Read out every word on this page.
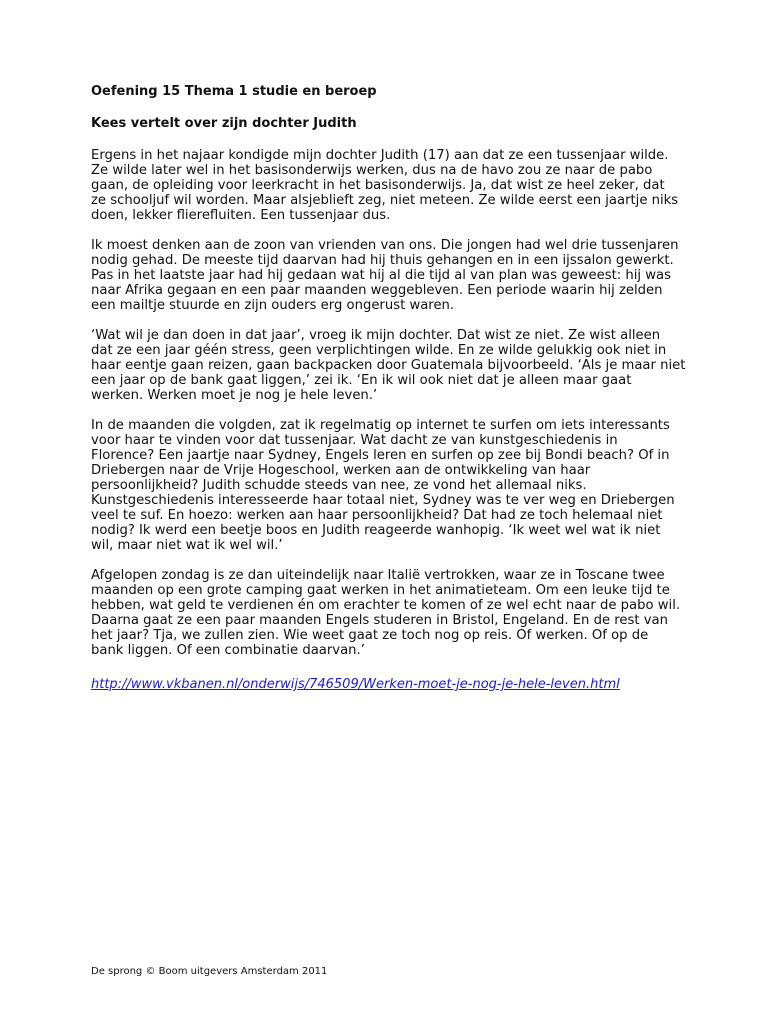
Oefening 15 Thema 1 studie en beroep

Kees vertelt over zijn dochter Judith

Ergens in het najaar kondigde mijn dochter Judith (17) aan dat ze een tussenjaar wilde.
Ze wilde later wel in het basisonderwijs werken, dus na de havo zou ze naar de pabo
gaan, de opleiding voor leerkracht in het basisonderwijs. Ja, dat wist ze heel zeker, dat
ze schooljuf wil worden. Maar alsjeblieft zeg, niet meteen. Ze wilde eerst een jaartje niks
doen, lekker flierefluiten. Een tussenjaar dus.

Ik moest denken aan de zoon van vrienden van ons. Die jongen had wel drie tussenjaren
nodig gehad. De meeste tijd daarvan had hij thuis gehangen en in een ijssalon gewerkt.
Pas in het laatste jaar had hij gedaan wat hij al die tijd al van plan was geweest: hij was
naar Afrika gegaan en een paar maanden weggebleven. Een periode waarin hij zelden
een mailtje stuurde en zijn ouders erg ongerust waren.

‘Wat wil je dan doen in dat jaar’, vroeg ik mijn dochter. Dat wist ze niet. Ze wist alleen
dat ze een jaar géén stress, geen verplichtingen wilde. En ze wilde gelukkig ook niet in
haar eentje gaan reizen, gaan backpacken door Guatemala bijvoorbeeld. ‘Als je maar niet
een jaar op de bank gaat liggen,’ zei ik. ‘En ik wil ook niet dat je alleen maar gaat
werken. Werken moet je nog je hele leven.’

In de maanden die volgden, zat ik regelmatig op internet te surfen om iets interessants
voor haar te vinden voor dat tussenjaar. Wat dacht ze van kunstgeschiedenis in
Florence? Een jaartje naar Sydney, Engels leren en surfen op zee bij Bondi beach? Of in
Driebergen naar de Vrije Hogeschool, werken aan de ontwikkeling van haar
persoonlijkheid? Judith schudde steeds van nee, ze vond het allemaal niks.
Kunstgeschiedenis interesseerde haar totaal niet, Sydney was te ver weg en Driebergen
veel te suf. En hoezo: werken aan haar persoonlijkheid? Dat had ze toch helemaal niet
nodig? Ik werd een beetje boos en Judith reageerde wanhopig. ‘Ik weet wel wat ik niet
wil, maar niet wat ik wel wil.’

Afgelopen zondag is ze dan uiteindelijk naar Italië vertrokken, waar ze in Toscane twee
maanden op een grote camping gaat werken in het animatieteam. Om een leuke tijd te
hebben, wat geld te verdienen én om erachter te komen of ze wel echt naar de pabo wil.
Daarna gaat ze een paar maanden Engels studeren in Bristol, Engeland. En de rest van
het jaar? Tja, we zullen zien. Wie weet gaat ze toch nog op reis. Of werken. Of op de
bank liggen. Of een combinatie daarvan.’

http://www.vkbanen.nl/onderwijs/746509/Werken-moet-je-nog-je-hele-leven.html
De sprong © Boom uitgevers Amsterdam 2011
